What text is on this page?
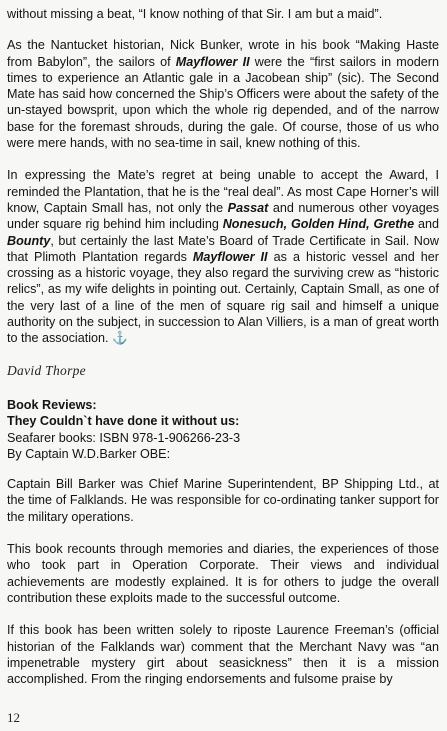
without missing a beat, “I know nothing of that Sir. I am but a maid”.

As the Nantucket historian, Nick Bunker, wrote in his book “Making Haste from Babylon”, the sailors of Mayflower II were the “first sailors in modern times to experience an Atlantic gale in a Jacobean ship” (sic). The Second Mate has said how concerned the Ship’s Officers were about the safety of the un-stayed bowsprit, upon which the whole rig depended, and of the narrow base for the foremast shrouds, during the gale. Of course, those of us who were mere hands, with no sea-time in sail, knew nothing of this.

In expressing the Mate’s regret at being unable to accept the Award, I reminded the Plantation, that he is the “real deal”. As most Cape Horner’s will know, Captain Small has, not only the Passat and numerous other voyages under square rig behind him including Nonesuch, Golden Hind, Grethe and Bounty, but certainly the last Mate’s Board of Trade Certificate in Sail. Now that Plimoth Plantation regards Mayflower II as a historic vessel and her crossing as a historic voyage, they also regard the surviving crew as “historic relics”, as my wife delights in pointing out. Certainly, Captain Small, as one of the very last of a line of the men of square rig sail and himself a unique authority on the subject, in succession to Alan Villiers, is a man of great worth to the association. ⚓

David Thorpe
Book Reviews:
They Couldn`t have done it without us:
Seafarer books: ISBN 978-1-906266-23-3
By Captain W.D.Barker OBE:

Captain Bill Barker was Chief Marine Superintendent, BP Shipping Ltd., at the time of Falklands. He was responsible for co-ordinating tanker support for the military operations.

This book recounts through memories and diaries, the experiences of those who took part in Operation Corporate. Their views and individual achievements are modestly explained. It is for others to judge the overall contribution these exploits made to the successful outcome.

If this book has been written solely to riposte Laurence Freeman’s (official historian of the Falklands war) comment that the Merchant Navy was “an impenetrable mystery girt about seasickness” then it is a mission accomplished. From the ringing endorsements and fulsome praise by

12
